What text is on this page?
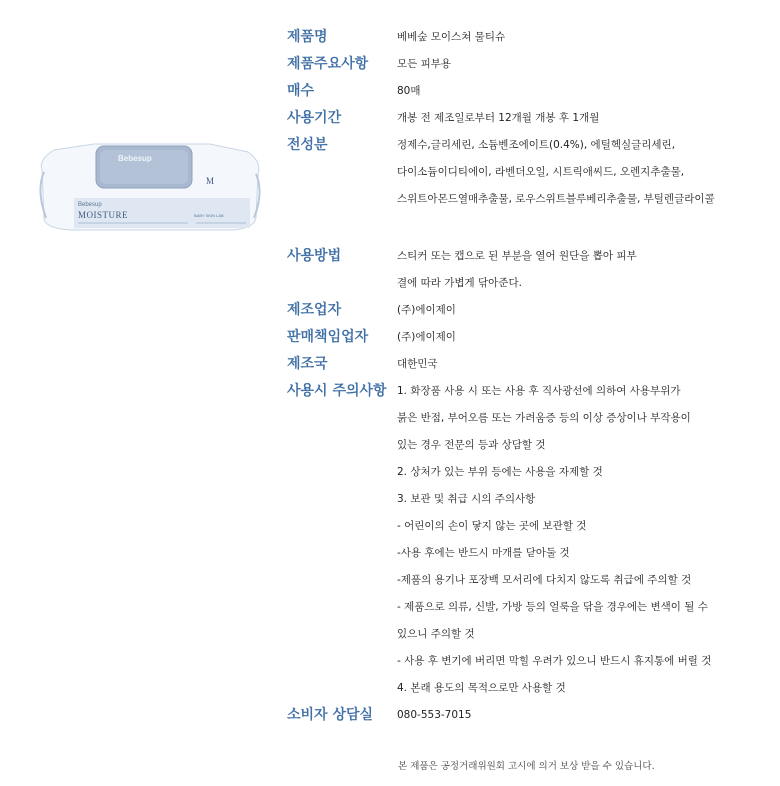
Bebesup
Bebesup
MOISTURE
M
BABY SKIN LAB
제품명	베베숲 모이스쳐 물티슈
제품주요사항	모든 피부용
매수	80매
사용기간	개봉 전 제조일로부터 12개월 개봉 후 1개월
전성분	정제수,글리세린, 소듐벤조에이트(0.4%), 에틸헥실글리세린,
다이소듐이디티에이, 라벤더오일, 시트릭애씨드, 오렌지추출물,
스위트아몬드열매추출물, 로우스위트블루베리추출물, 부틸렌글라이콜
사용방법	스티커 또는 캡으로 된 부분을 열어 원단을 뽑아 피부
결에 따라 가볍게 닦아준다.
제조업자	(주)에이제이
판매책임업자	(주)에이제이
제조국	대한민국
사용시 주의사항 1. 화장품 사용 시 또는 사용 후 직사광선에 의하여 사용부위가
붉은 반점, 부어오름 또는 가려움증 등의 이상 증상이나 부작용이
있는 경우 전문의 등과 상담할 것
2. 상처가 있는 부위 등에는 사용을 자제할 것
3. 보관 및 취급 시의 주의사항
- 어린이의 손이 닿지 않는 곳에 보관할 것
-사용 후에는 반드시 마개를 닫아둘 것
-제품의 용기나 포장백 모서리에 다치지 않도록 취급에 주의할 것
- 제품으로 의류, 신발, 가방 등의 얼룩을 닦을 경우에는 변색이 될 수
있으니 주의할 것
- 사용 후 변기에 버리면 막힐 우려가 있으니 반드시 휴지통에 버릴 것
4. 본래 용도의 목적으로만 사용할 것
소비자 상담실	080-553-7015
본 제품은 공정거래위원회 고시에 의거 보상 받을 수 있습니다.
